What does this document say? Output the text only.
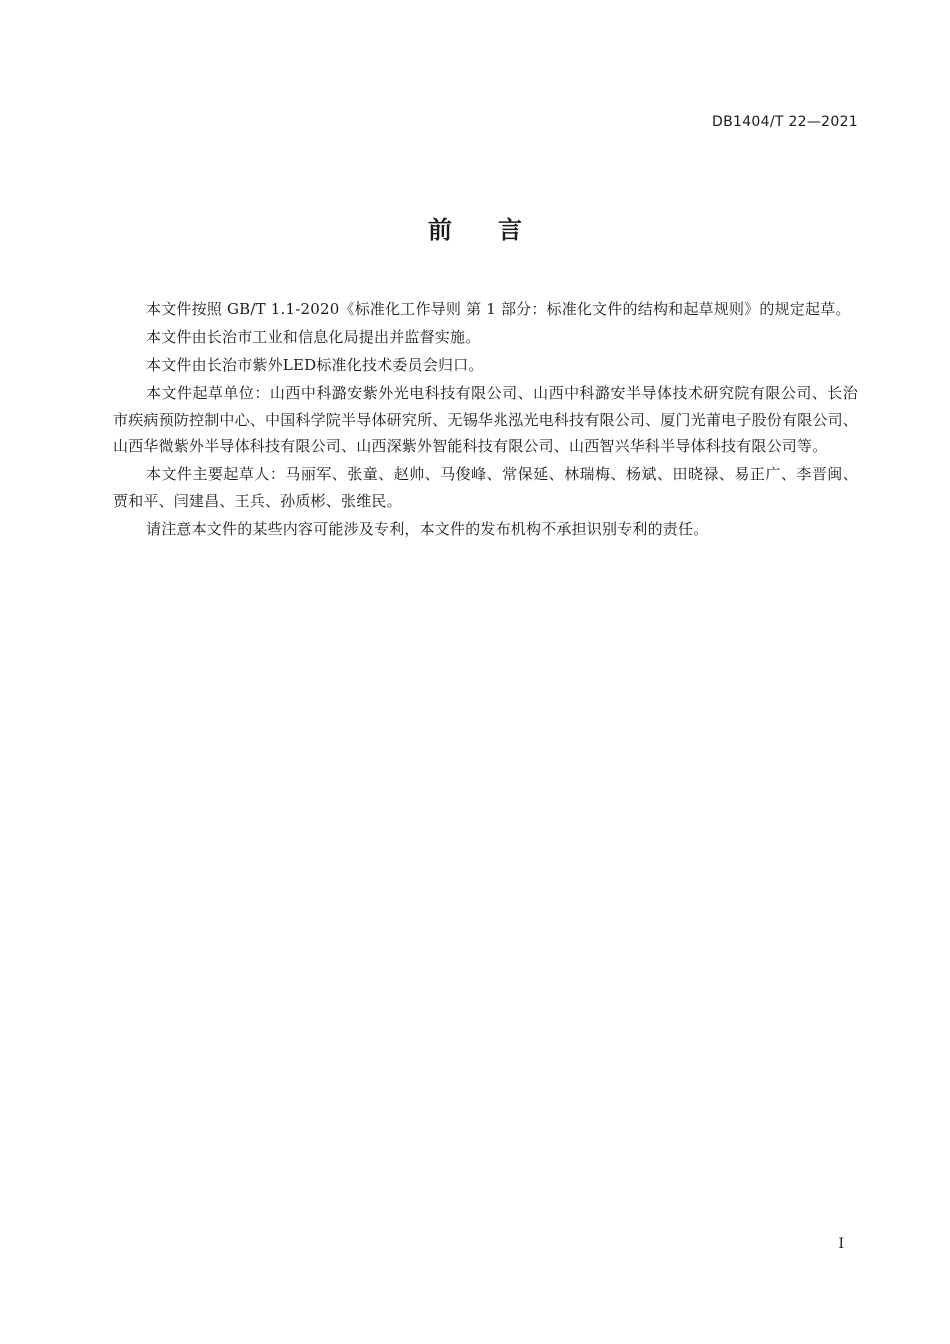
DB1404/T 22—2021
前言

本文件按照 GB/T 1.1-2020《标准化工作导则 第 1 部分：标准化文件的结构和起草规则》的规定起草。

本文件由长治市工业和信息化局提出并监督实施。

本文件由长治市紫外LED标准化技术委员会归口。

本文件起草单位：山西中科潞安紫外光电科技有限公司、山西中科潞安半导体技术研究院有限公司、长治市疾病预防控制中心、中国科学院半导体研究所、无锡华兆泓光电科技有限公司、厦门光莆电子股份有限公司、山西华微紫外半导体科技有限公司、山西深紫外智能科技有限公司、山西智兴华科半导体科技有限公司等。

本文件主要起草人：马丽军、张童、赵帅、马俊峰、常保延、林瑞梅、杨斌、田晓禄、易正广、李晋闽、贾和平、闫建昌、王兵、孙质彬、张维民。

请注意本文件的某些内容可能涉及专利，本文件的发布机构不承担识别专利的责任。

I
